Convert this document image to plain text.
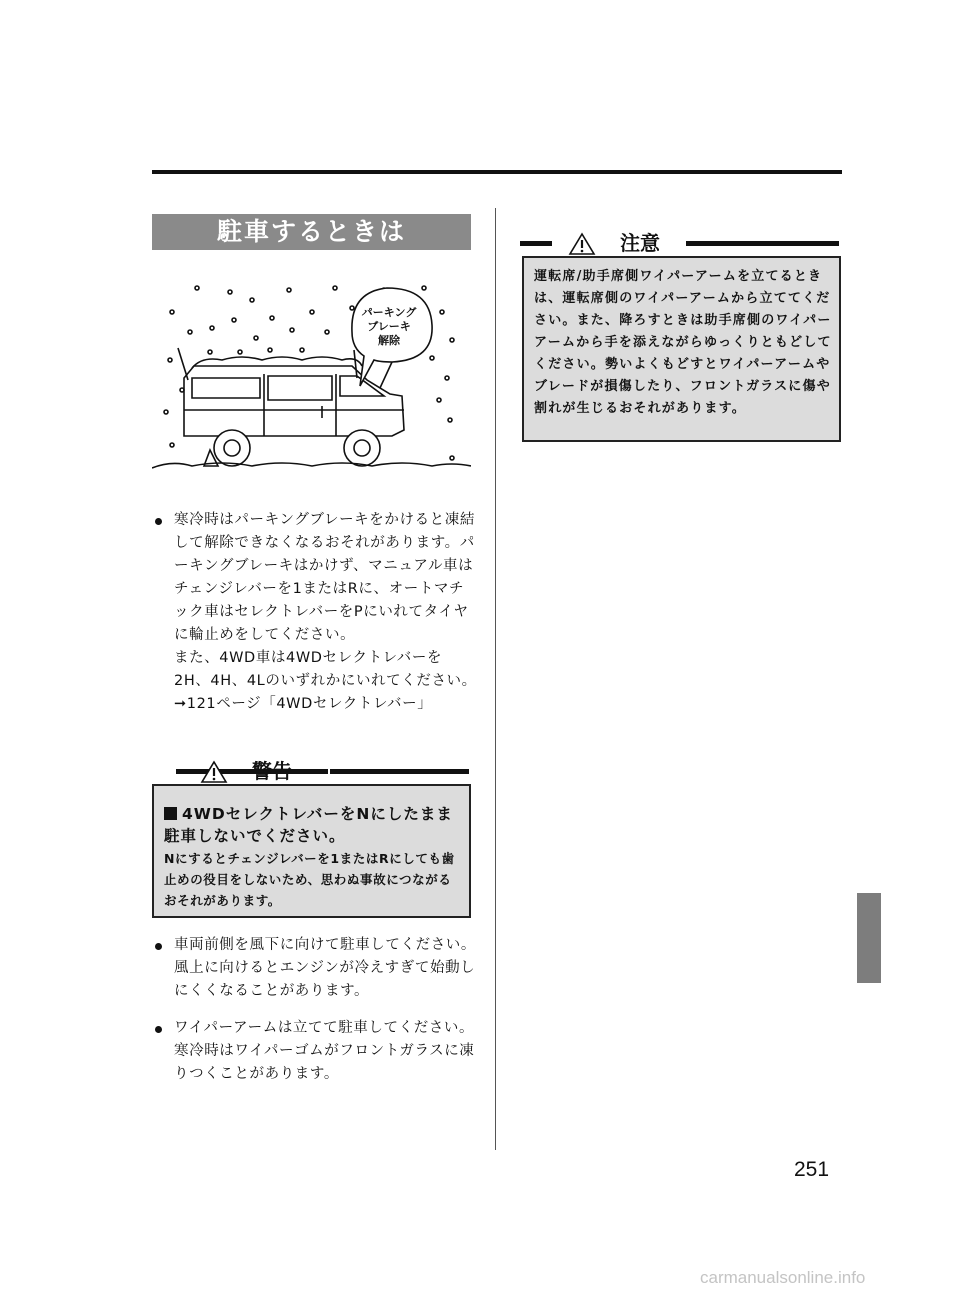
駐車するときは
パーキング
ブレーキ
解除
寒冷時はパーキングブレーキをかけると凍結して解除できなくなるおそれがあります。パーキングブレーキはかけず、マニュアル車はチェンジレバーを1またはRに、オートマチック車はセレクトレバーをPにいれてタイヤに輪止めをしてください。
また、4WD車は4WDセレクトレバーを2H、4H、4Lのいずれかにいれてください。
➞121ページ「4WDセレクトレバー」
警告
4WDセレクトレバーをNにしたまま駐車しないでください。
Nにするとチェンジレバーを1またはRにしても歯止めの役目をしないため、思わぬ事故につながるおそれがあります。
車両前側を風下に向けて駐車してください。風上に向けるとエンジンが冷えすぎて始動しにくくなることがあります。
ワイパーアームは立てて駐車してください。寒冷時はワイパーゴムがフロントガラスに凍りつくことがあります。
注意
運転席/助手席側ワイパーアームを立てるときは、運転席側のワイパーアームから立ててください。また、降ろすときは助手席側のワイパーアームから手を添えながらゆっくりともどしてください。勢いよくもどすとワイパーアームやブレードが損傷したり、フロントガラスに傷や割れが生じるおそれがあります。
251
carmanualsonline.info
